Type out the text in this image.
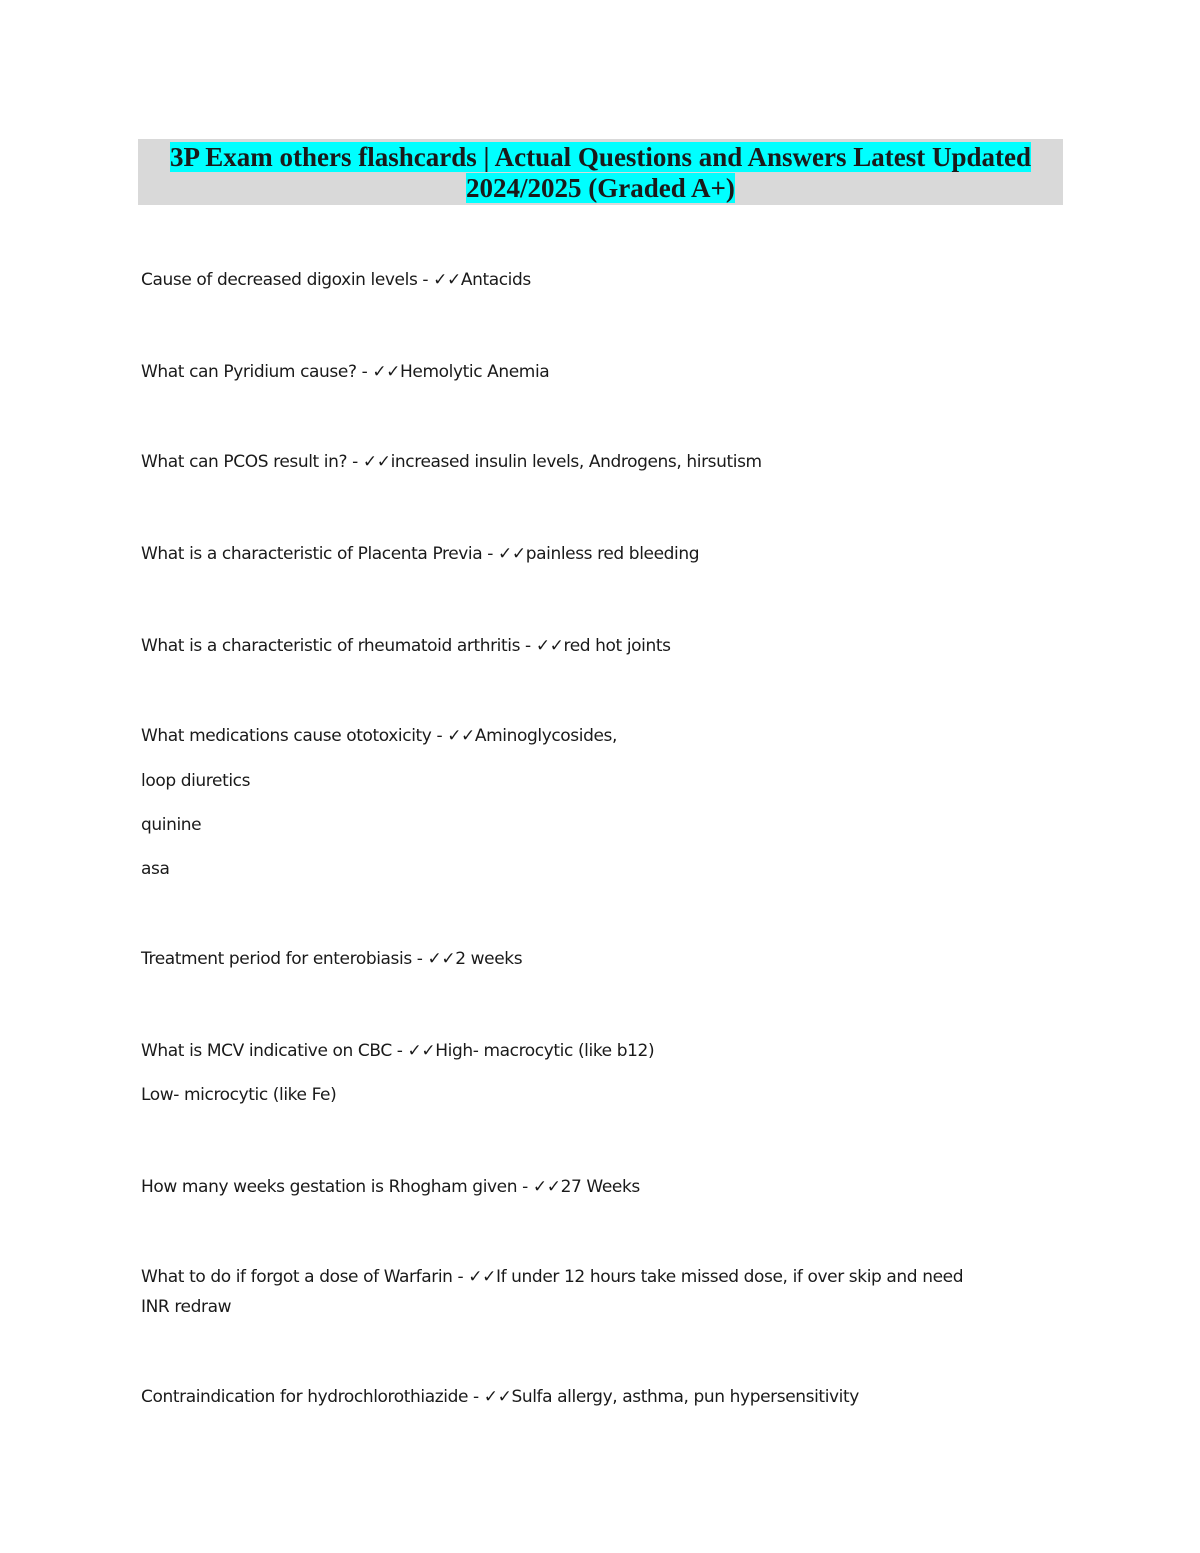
3P Exam others flashcards | Actual Questions and Answers Latest Updated
2024/2025 (Graded A+)
Cause of decreased digoxin levels - ✓✓Antacids
What can Pyridium cause? - ✓✓Hemolytic Anemia
What can PCOS result in? - ✓✓increased insulin levels, Androgens, hirsutism
What is a characteristic of Placenta Previa - ✓✓painless red bleeding
What is a characteristic of rheumatoid arthritis - ✓✓red hot joints
What medications cause ototoxicity - ✓✓Aminoglycosides,
loop diuretics
quinine
asa
Treatment period for enterobiasis - ✓✓2 weeks
What is MCV indicative on CBC - ✓✓High- macrocytic (like b12)
Low- microcytic (like Fe)
How many weeks gestation is Rhogham given - ✓✓27 Weeks
What to do if forgot a dose of Warfarin - ✓✓If under 12 hours take missed dose, if over skip and need
INR redraw
Contraindication for hydrochlorothiazide - ✓✓Sulfa allergy, asthma, pun hypersensitivity
